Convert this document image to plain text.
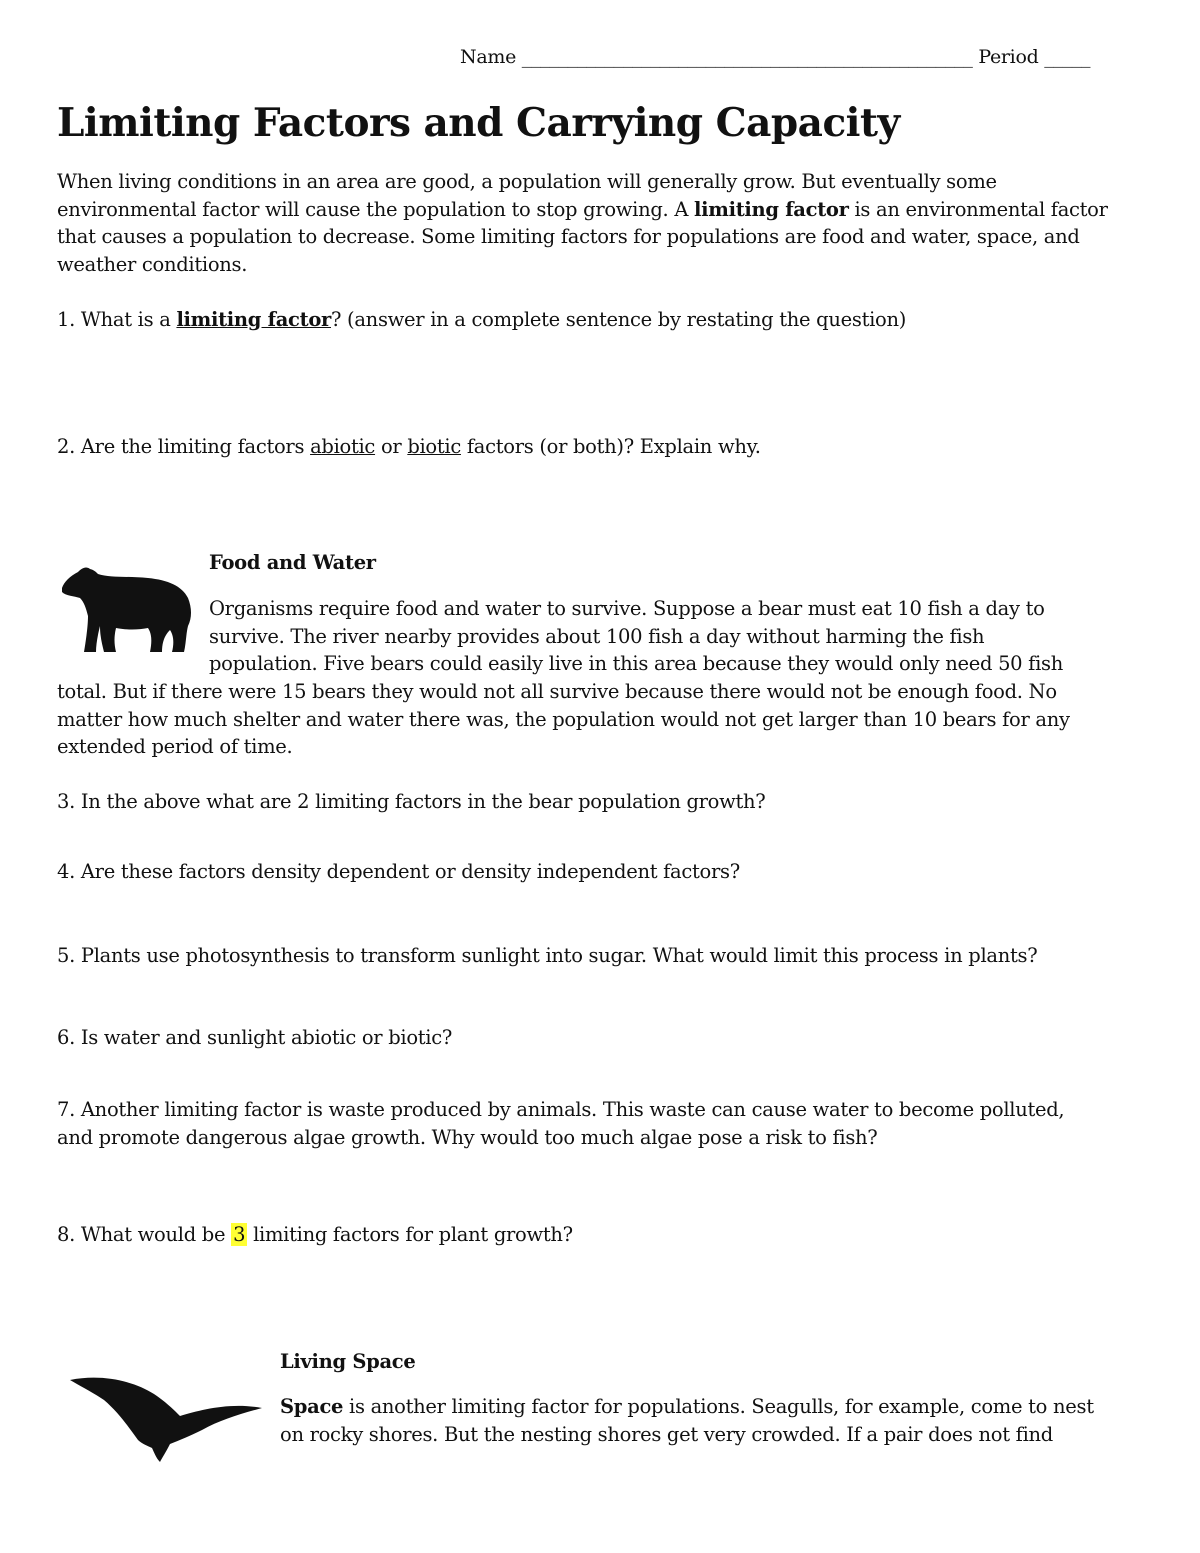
Name _________________________________________________ Period _____
Limiting Factors and Carrying Capacity
When living conditions in an area are good, a population will generally grow. But eventually some
environmental factor will cause the population to stop growing. A limiting factor is an environmental factor
that causes a population to decrease. Some limiting factors for populations are food and water, space, and
weather conditions.
1. What is a limiting factor? (answer in a complete sentence by restating the question)
2. Are the limiting factors abiotic or biotic factors (or both)? Explain why.
Food and Water
Organisms require food and water to survive. Suppose a bear must eat 10 fish a day to
survive. The river nearby provides about 100 fish a day without harming the fish
population. Five bears could easily live in this area because they would only need 50 fish
total. But if there were 15 bears they would not all survive because there would not be enough food. No
matter how much shelter and water there was, the population would not get larger than 10 bears for any
extended period of time.
3. In the above what are 2 limiting factors in the bear population growth?
4. Are these factors density dependent or density independent factors?
5. Plants use photosynthesis to transform sunlight into sugar. What would limit this process in plants?
6. Is water and sunlight abiotic or biotic?
7. Another limiting factor is waste produced by animals. This waste can cause water to become polluted,
and promote dangerous algae growth. Why would too much algae pose a risk to fish?
8. What would be 3 limiting factors for plant growth?
Living Space
Space is another limiting factor for populations. Seagulls, for example, come to nest
on rocky shores. But the nesting shores get very crowded. If a pair does not find
